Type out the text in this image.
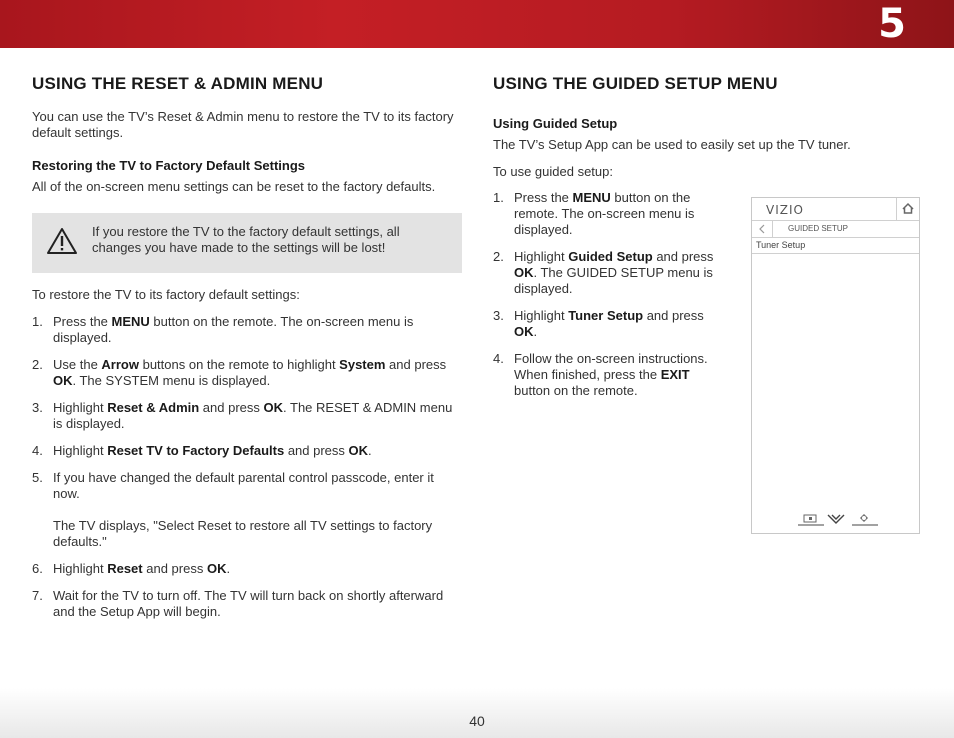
5
USING THE RESET & ADMIN MENU

You can use the TV’s Reset & Admin menu to restore the TV to its factory default settings.

Restoring the TV to Factory Default Settings

All of the on-screen menu settings can be reset to the factory defaults.

If you restore the TV to the factory default settings, all changes you have made to the settings will be lost!

To restore the TV to its factory default settings:

1. Press the MENU button on the remote. The on-screen menu is displayed.
2. Use the Arrow buttons on the remote to highlight System and press OK. The SYSTEM menu is displayed.
3. Highlight Reset & Admin and press OK. The RESET & ADMIN menu is displayed.
4. Highlight Reset TV to Factory Defaults and press OK.
5. If you have changed the default parental control passcode, enter it now.
The TV displays, "Select Reset to restore all TV settings to factory defaults."
6. Highlight Reset and press OK.
7. Wait for the TV to turn off. The TV will turn back on shortly afterward and the Setup App will begin.
USING THE GUIDED SETUP MENU
Using Guided Setup

The TV’s Setup App can be used to easily set up the TV tuner.

To use guided setup:

1. Press the MENU button on the remote. The on-screen menu is displayed.
2. Highlight Guided Setup and press OK. The GUIDED SETUP menu is displayed.
3. Highlight Tuner Setup and press OK.
4. Follow the on-screen instructions. When finished, press the EXIT button on the remote.
VIZIO
GUIDED SETUP
Tuner Setup
40
